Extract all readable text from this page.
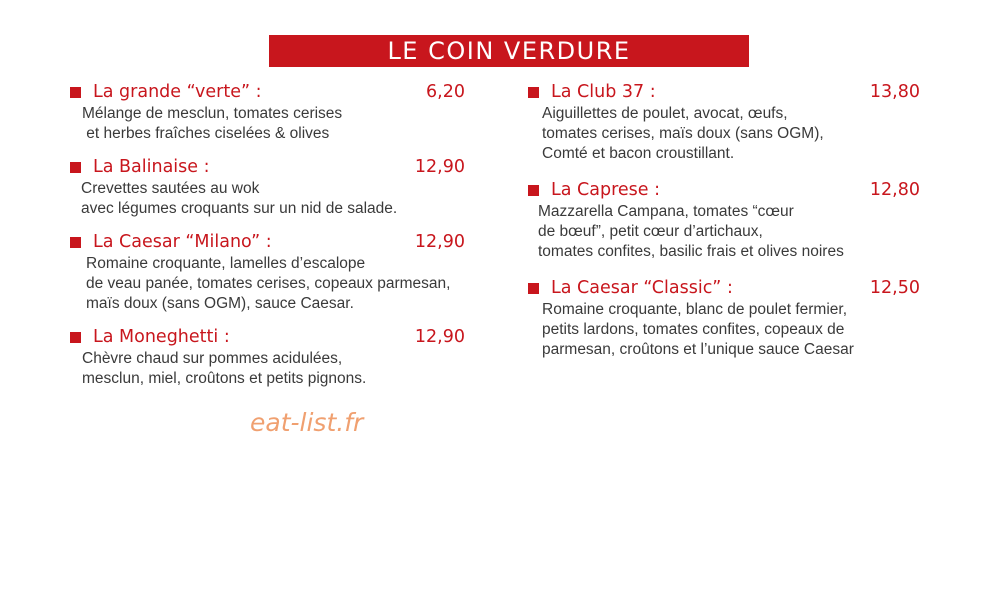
LE COIN VERDURE
La grande “verte” :	6,20
Mélange de mesclun, tomates cerises
et herbes fraîches ciselées & olives
La Balinaise :	12,90
Crevettes sautées au wok
avec légumes croquants sur un nid de salade.
La Caesar “Milano” :	12,90
Romaine croquante, lamelles d’escalope
de veau panée, tomates cerises, copeaux parmesan,
maïs doux (sans OGM), sauce Caesar.
La Moneghetti :	12,90
Chèvre chaud sur pommes acidulées,
mesclun, miel, croûtons et petits pignons.
La Club 37 :	13,80
Aiguillettes de poulet, avocat, œufs,
tomates cerises, maïs doux (sans OGM),
Comté et bacon croustillant.
La Caprese :	12,80
Mazzarella Campana, tomates “cœur
de bœuf”, petit cœur d’artichaux,
tomates confites, basilic frais et olives noires
La Caesar “Classic” :	12,50
Romaine croquante, blanc de poulet fermier,
petits lardons, tomates confites, copeaux de
parmesan, croûtons et l’unique sauce Caesar
eat-list.fr
